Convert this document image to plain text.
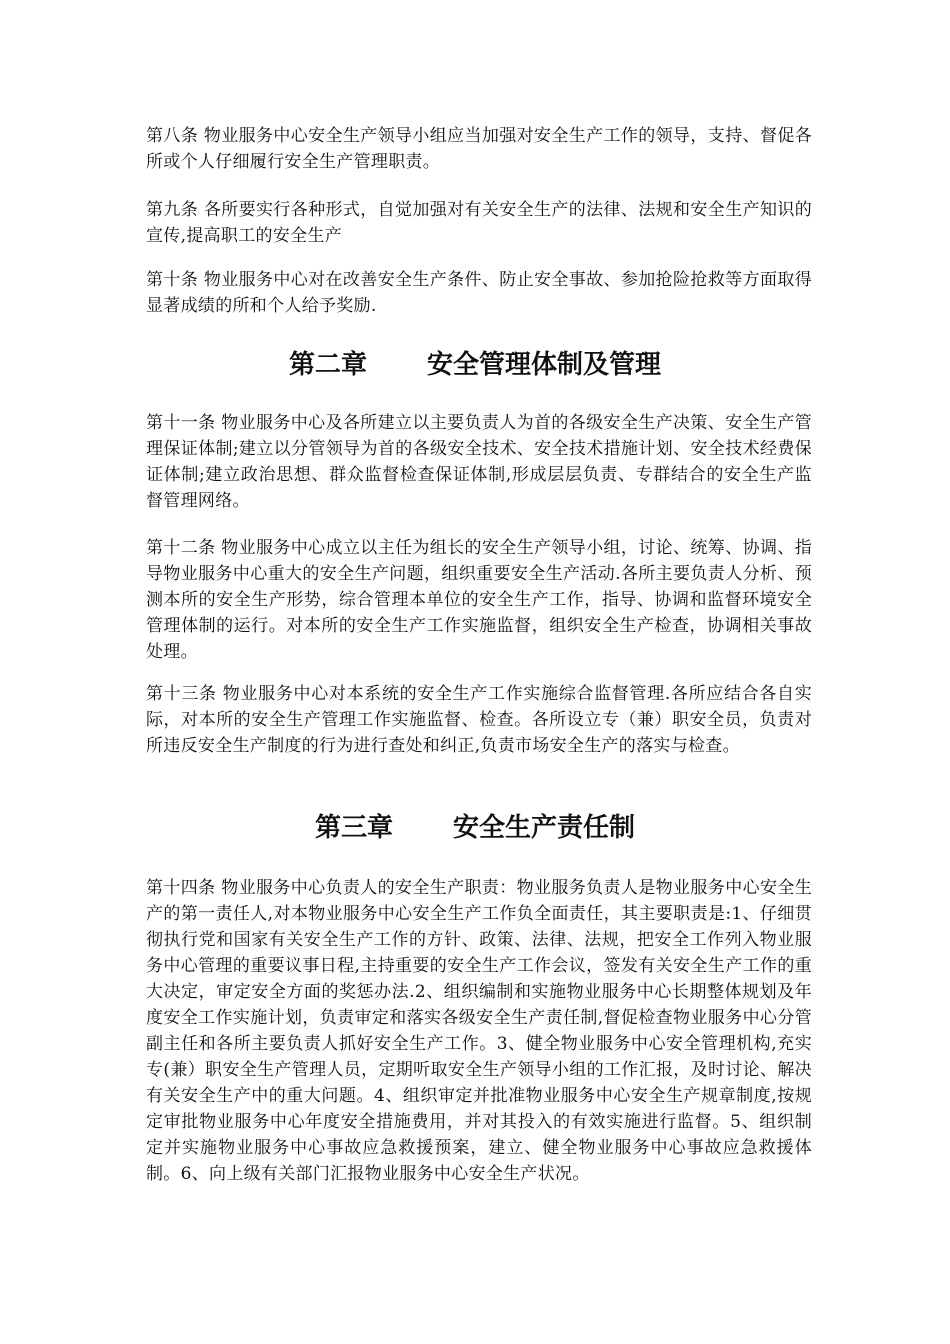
第八条 物业服务中心安全生产领导小组应当加强对安全生产工作的领导，支持、督促各所或个人仔细履行安全生产管理职责。

第九条 各所要实行各种形式，自觉加强对有关安全生产的法律、法规和安全生产知识的宣传,提高职工的安全生产

第十条 物业服务中心对在改善安全生产条件、防止安全事故、参加抢险抢救等方面取得显著成绩的所和个人给予奖励.

第二章 安全管理体制及管理

第十一条 物业服务中心及各所建立以主要负责人为首的各级安全生产决策、安全生产管理保证体制;建立以分管领导为首的各级安全技术、安全技术措施计划、安全技术经费保证体制;建立政治思想、群众监督检查保证体制,形成层层负责、专群结合的安全生产监督管理网络。

第十二条 物业服务中心成立以主任为组长的安全生产领导小组，讨论、统筹、协调、指导物业服务中心重大的安全生产问题，组织重要安全生产活动.各所主要负责人分析、预测本所的安全生产形势，综合管理本单位的安全生产工作，指导、协调和监督环境安全管理体制的运行。对本所的安全生产工作实施监督，组织安全生产检查，协调相关事故处理。

第十三条 物业服务中心对本系统的安全生产工作实施综合监督管理.各所应结合各自实际，对本所的安全生产管理工作实施监督、检查。各所设立专（兼）职安全员，负责对所违反安全生产制度的行为进行查处和纠正,负责市场安全生产的落实与检查。

第三章 安全生产责任制

第十四条 物业服务中心负责人的安全生产职责：物业服务负责人是物业服务中心安全生产的第一责任人,对本物业服务中心安全生产工作负全面责任，其主要职责是:1、仔细贯彻执行党和国家有关安全生产工作的方针、政策、法律、法规，把安全工作列入物业服务中心管理的重要议事日程,主持重要的安全生产工作会议，签发有关安全生产工作的重大决定，审定安全方面的奖惩办法.2、组织编制和实施物业服务中心长期整体规划及年度安全工作实施计划，负责审定和落实各级安全生产责任制,督促检查物业服务中心分管副主任和各所主要负责人抓好安全生产工作。3、健全物业服务中心安全管理机构,充实专(兼）职安全生产管理人员，定期听取安全生产领导小组的工作汇报，及时讨论、解决有关安全生产中的重大问题。4、组织审定并批准物业服务中心安全生产规章制度,按规定审批物业服务中心年度安全措施费用，并对其投入的有效实施进行监督。5、组织制定并实施物业服务中心事故应急救援预案，建立、健全物业服务中心事故应急救援体制。6、向上级有关部门汇报物业服务中心安全生产状况。
